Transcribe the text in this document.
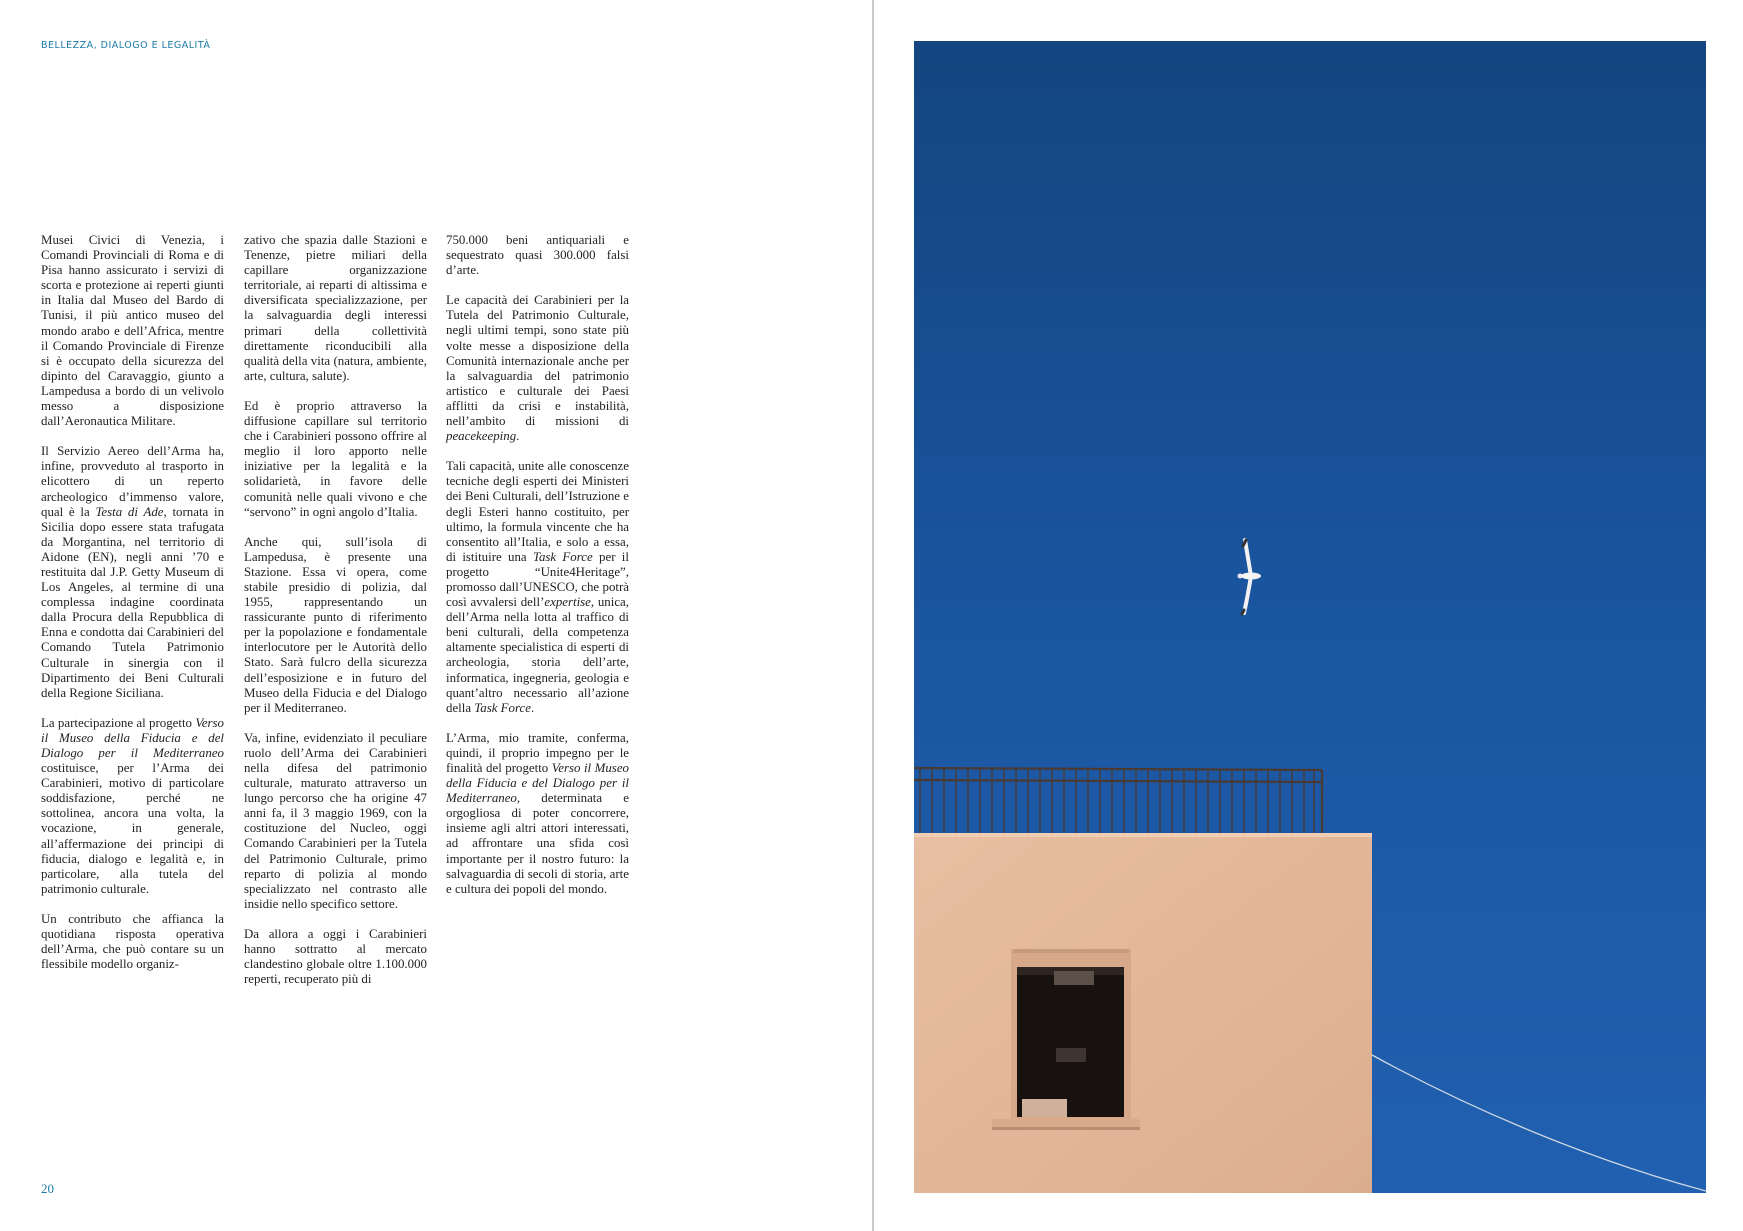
BELLEZZA, DIALOGO E LEGALITÀ

Musei Civici di Venezia, i Comandi Provinciali di Roma e di Pisa hanno assicurato i servizi di scorta e protezione ai reperti giunti in Italia dal Museo del Bardo di Tunisi, il più antico museo del mondo arabo e dell’Africa, mentre il Comando Provinciale di Firenze si è occupato della sicurezza del dipinto del Caravaggio, giunto a Lampedusa a bordo di un velivolo messo a disposizione dall’Aeronautica Militare.

Il Servizio Aereo dell’Arma ha, infine, provveduto al trasporto in elicottero di un reperto archeologico d’immenso valore, qual è la Testa di Ade, tornata in Sicilia dopo essere stata trafugata da Morgantina, nel territorio di Aidone (EN), negli anni ’70 e restituita dal J.P. Getty Museum di Los Angeles, al termine di una complessa indagine coordinata dalla Procura della Repubblica di Enna e condotta dai Carabinieri del Comando Tutela Patrimonio Culturale in sinergia con il Dipartimento dei Beni Culturali della Regione Siciliana.

La partecipazione al progetto Verso il Museo della Fiducia e del Dialogo per il Mediterraneo costituisce, per l’Arma dei Carabinieri, motivo di particolare soddisfazione, perché ne sottolinea, ancora una volta, la vocazione, in generale, all’affermazione dei principi di fiducia, dialogo e legalità e, in particolare, alla tutela del patrimonio culturale.

Un contributo che affianca la quotidiana risposta operativa dell’Arma, che può contare su un flessibile modello organiz-

zativo che spazia dalle Stazioni e Tenenze, pietre miliari della capillare organizzazione territoriale, ai reparti di altissima e diversificata specializzazione, per la salvaguardia degli interessi primari della collettività direttamente riconducibili alla qualità della vita (natura, ambiente, arte, cultura, salute).

Ed è proprio attraverso la diffusione capillare sul territorio che i Carabinieri possono offrire al meglio il loro apporto nelle iniziative per la legalità e la solidarietà, in favore delle comunità nelle quali vivono e che “servono” in ogni angolo d’Italia.

Anche qui, sull’isola di Lampedusa, è presente una Stazione. Essa vi opera, come stabile presidio di polizia, dal 1955, rappresentando un rassicurante punto di riferimento per la popolazione e fondamentale interlocutore per le Autorità dello Stato. Sarà fulcro della sicurezza dell’esposizione e in futuro del Museo della Fiducia e del Dialogo per il Mediterraneo.

Va, infine, evidenziato il peculiare ruolo dell’Arma dei Carabinieri nella difesa del patrimonio culturale, maturato attraverso un lungo percorso che ha origine 47 anni fa, il 3 maggio 1969, con la costituzione del Nucleo, oggi Comando Carabinieri per la Tutela del Patrimonio Culturale, primo reparto di polizia al mondo specializzato nel contrasto alle insidie nello specifico settore.

Da allora a oggi i Carabinieri hanno sottratto al mercato clandestino globale oltre 1.100.000 reperti, recuperato più di

750.000 beni antiquariali e sequestrato quasi 300.000 falsi d’arte.

Le capacità dei Carabinieri per la Tutela del Patrimonio Culturale, negli ultimi tempi, sono state più volte messe a disposizione della Comunità internazionale anche per la salvaguardia del patrimonio artistico e culturale dei Paesi afflitti da crisi e instabilità, nell’ambito di missioni di peacekeeping.

Tali capacità, unite alle conoscenze tecniche degli esperti dei Ministeri dei Beni Culturali, dell’Istruzione e degli Esteri hanno costituito, per ultimo, la formula vincente che ha consentito all’Italia, e solo a essa, di istituire una Task Force per il progetto “Unite4Heritage”, promosso dall’UNESCO, che potrà così avvalersi dell’expertise, unica, dell’Arma nella lotta al traffico di beni culturali, della competenza altamente specialistica di esperti di archeologia, storia dell’arte, informatica, ingegneria, geologia e quant’altro necessario all’azione della Task Force.

L’Arma, mio tramite, conferma, quindi, il proprio impegno per le finalità del progetto Verso il Museo della Fiducia e del Dialogo per il Mediterraneo, determinata e orgogliosa di poter concorrere, insieme agli altri attori interessati, ad affrontare una sfida così importante per il nostro futuro: la salvaguardia di secoli di storia, arte e cultura dei popoli del mondo.

20
